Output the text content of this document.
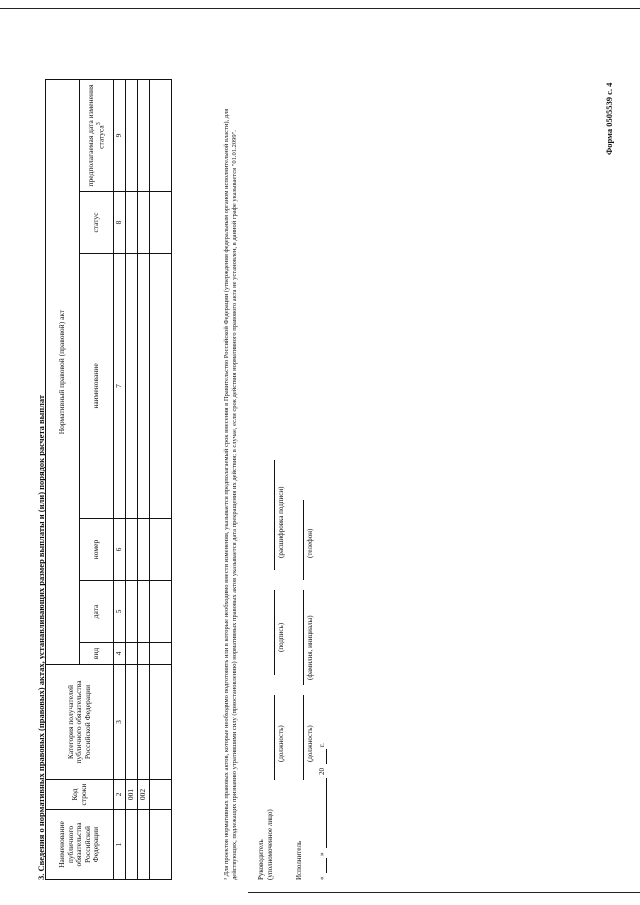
Форма 0505539 с. 4
3. Сведения о нормативных правовых (правовых) актах, устанавливающих размер выплаты и (или) порядок расчета выплат Наименование публичного обязательства Российской Федерации	Код строки	Категория получателей публичного обязательства Российской Федерации	Нормативный правовой (правовой) акт					
			вид	дата	номер	наименование	статус	предполагаемая дата изменения статуса$^3$
1	2	3	4	5	6	7	8	9
	001							
	002							
									³ Для проектов нормативных правовых актов, которые необходимо подготовить или в которые необходимо внести изменения, указывается предполагаемый срок внесения в Правительство Российской Федерации (утверждения федеральным органом исполнительной власти), для действующих, подлежащих признанию утратившими силу (приостановлению) нормативных правовых актов указывается дата прекращения их действия; в случае, если срок действия нормативного правового акта не установлен, в данной графе указывается "01.01.2099".	Руководитель (уполномоченное лицо)
(должность)
(подпись)
(расшифровка подписи)
Исполнитель
(должность)
(фамилия, инициалы)
(телефон)
«
»
20
г.
